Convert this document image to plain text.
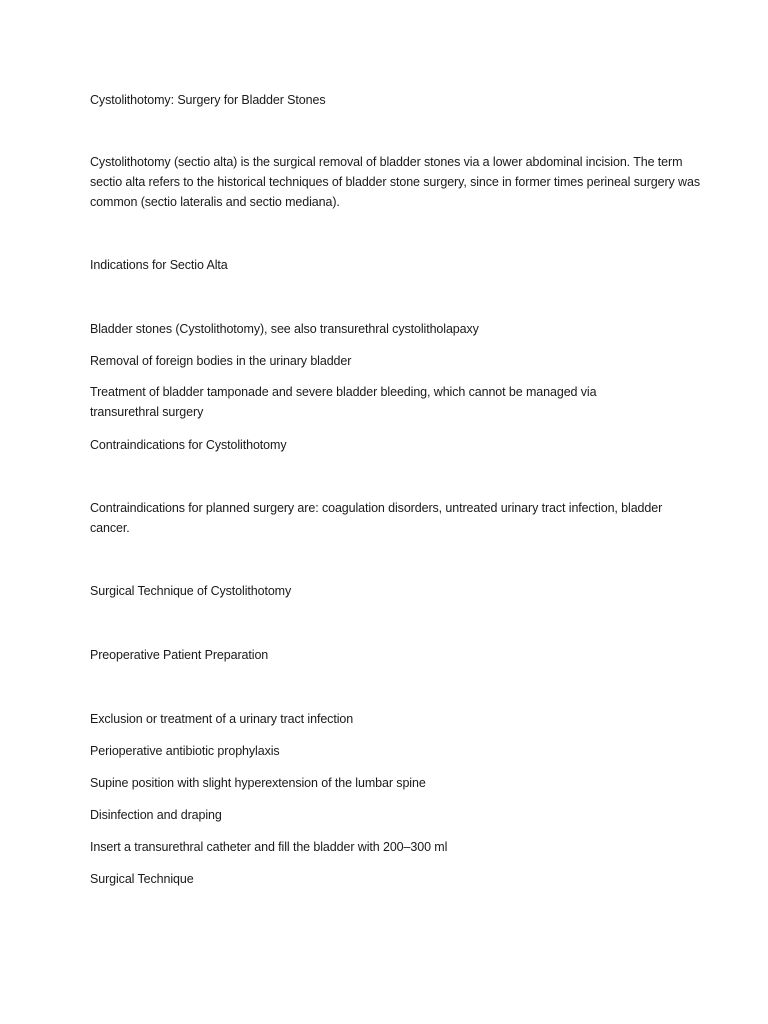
Cystolithotomy: Surgery for Bladder Stones
Cystolithotomy (sectio alta) is the surgical removal of bladder stones via a lower abdominal incision. The term sectio alta refers to the historical techniques of bladder stone surgery, since in former times perineal surgery was common (sectio lateralis and sectio mediana).
Indications for Sectio Alta
Bladder stones (Cystolithotomy), see also transurethral cystolitholapaxy
Removal of foreign bodies in the urinary bladder
Treatment of bladder tamponade and severe bladder bleeding, which cannot be managed via transurethral surgery
Contraindications for Cystolithotomy
Contraindications for planned surgery are: coagulation disorders, untreated urinary tract infection, bladder cancer.
Surgical Technique of Cystolithotomy
Preoperative Patient Preparation
Exclusion or treatment of a urinary tract infection
Perioperative antibiotic prophylaxis
Supine position with slight hyperextension of the lumbar spine
Disinfection and draping
Insert a transurethral catheter and fill the bladder with 200–300 ml
Surgical Technique
